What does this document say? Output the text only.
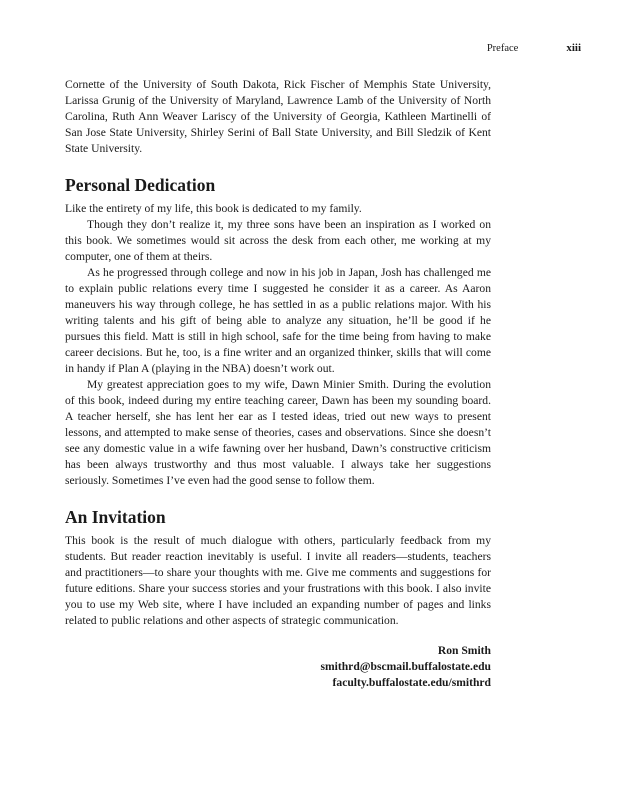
Preface	xiii

Cornette of the University of South Dakota, Rick Fischer of Memphis State University, Larissa Grunig of the University of Maryland, Lawrence Lamb of the University of North Carolina, Ruth Ann Weaver Lariscy of the University of Georgia, Kathleen Martinelli of San Jose State University, Shirley Serini of Ball State University, and Bill Sledzik of Kent State University.

Personal Dedication

Like the entirety of my life, this book is dedicated to my family.

Though they don’t realize it, my three sons have been an inspiration as I worked on this book. We sometimes would sit across the desk from each other, me working at my computer, one of them at theirs.

As he progressed through college and now in his job in Japan, Josh has challenged me to explain public relations every time I suggested he consider it as a career. As Aaron maneuvers his way through college, he has settled in as a public relations major. With his writing talents and his gift of being able to analyze any situation, he’ll be good if he pursues this field. Matt is still in high school, safe for the time being from having to make career decisions. But he, too, is a fine writer and an organized thinker, skills that will come in handy if Plan A (playing in the NBA) doesn’t work out.

My greatest appreciation goes to my wife, Dawn Minier Smith. During the evolution of this book, indeed during my entire teaching career, Dawn has been my sounding board. A teacher herself, she has lent her ear as I tested ideas, tried out new ways to present lessons, and attempted to make sense of theories, cases and observations. Since she doesn’t see any domestic value in a wife fawning over her husband, Dawn’s constructive criticism has been always trustworthy and thus most valuable. I always take her suggestions seriously. Sometimes I’ve even had the good sense to follow them.

An Invitation

This book is the result of much dialogue with others, particularly feedback from my students. But reader reaction inevitably is useful. I invite all readers—students, teachers and practitioners—to share your thoughts with me. Give me comments and suggestions for future editions. Share your success stories and your frustrations with this book. I also invite you to use my Web site, where I have included an expanding number of pages and links related to public relations and other aspects of strategic communication.

Ron Smith
smithrd@bscmail.buffalostate.edu
faculty.buffalostate.edu/smithrd
